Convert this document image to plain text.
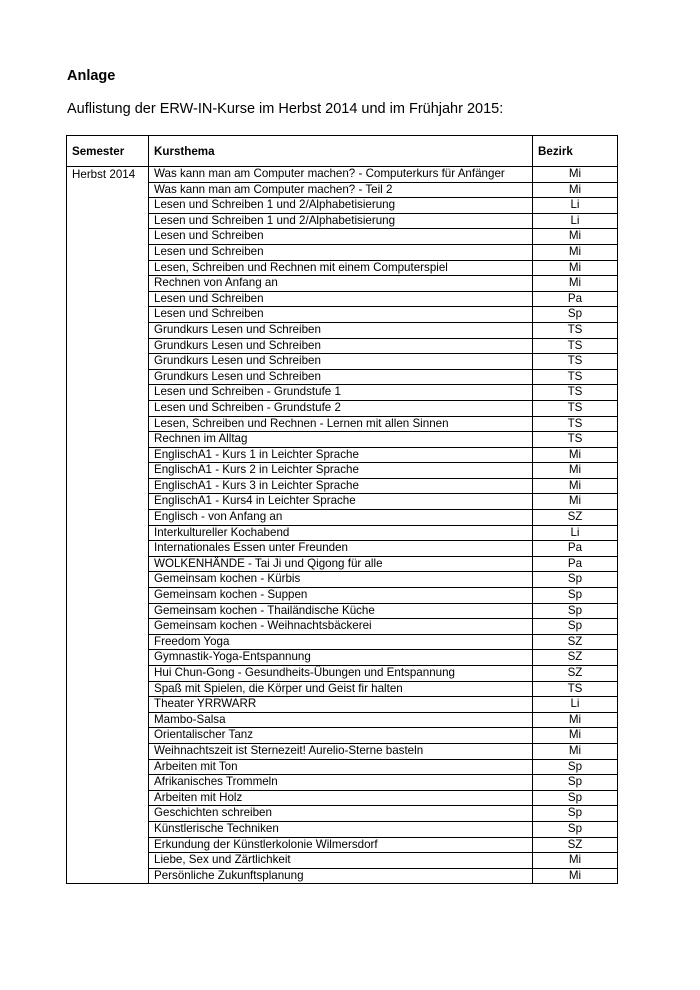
Anlage

Auflistung der ERW-IN-Kurse im Herbst 2014 und im Frühjahr 2015:

Semester	Kursthema	Bezirk
Herbst 2014	Was kann man am Computer machen? - Computerkurs für Anfänger	Mi
	Was kann man am Computer machen? - Teil 2	Mi
	Lesen und Schreiben 1 und 2/Alphabetisierung	Li
	Lesen und Schreiben 1 und 2/Alphabetisierung	Li
	Lesen und Schreiben	Mi
	Lesen und Schreiben	Mi
	Lesen, Schreiben und Rechnen mit einem Computerspiel	Mi
	Rechnen von Anfang an	Mi
	Lesen und Schreiben	Pa
	Lesen und Schreiben	Sp
	Grundkurs Lesen und Schreiben	TS
	Grundkurs Lesen und Schreiben	TS
	Grundkurs Lesen und Schreiben	TS
	Grundkurs Lesen und Schreiben	TS
	Lesen und Schreiben - Grundstufe 1	TS
	Lesen und Schreiben - Grundstufe 2	TS
	Lesen, Schreiben und Rechnen - Lernen mit allen Sinnen	TS
	Rechnen im Alltag	TS
	EnglischA1 - Kurs 1 in Leichter Sprache	Mi
	EnglischA1 - Kurs 2 in Leichter Sprache	Mi
	EnglischA1 - Kurs 3 in Leichter Sprache	Mi
	EnglischA1 - Kurs4 in Leichter Sprache	Mi
	Englisch - von Anfang an	SZ
	Interkultureller Kochabend	Li
	Internationales Essen unter Freunden	Pa
	WOLKENHÄNDE - Tai Ji und Qigong für alle	Pa
	Gemeinsam kochen - Kürbis	Sp
	Gemeinsam kochen - Suppen	Sp
	Gemeinsam kochen - Thailändische Küche	Sp
	Gemeinsam kochen - Weihnachtsbäckerei	Sp
	Freedom Yoga	SZ
	Gymnastik-Yoga-Entspannung	SZ
	Hui Chun-Gong - Gesundheits-Übungen und Entspannung	SZ
	Spaß mit Spielen, die Körper und Geist fir halten	TS
	Theater YRRWARR	Li
	Mambo-Salsa	Mi
	Orientalischer Tanz	Mi
	Weihnachtszeit ist Sternezeit! Aurelio-Sterne basteln	Mi
	Arbeiten mit Ton	Sp
	Afrikanisches Trommeln	Sp
	Arbeiten mit Holz	Sp
	Geschichten schreiben	Sp
	Künstlerische Techniken	Sp
	Erkundung der Künstlerkolonie Wilmersdorf	SZ
	Liebe, Sex und Zärtlichkeit	Mi
	Persönliche Zukunftsplanung	Mi
